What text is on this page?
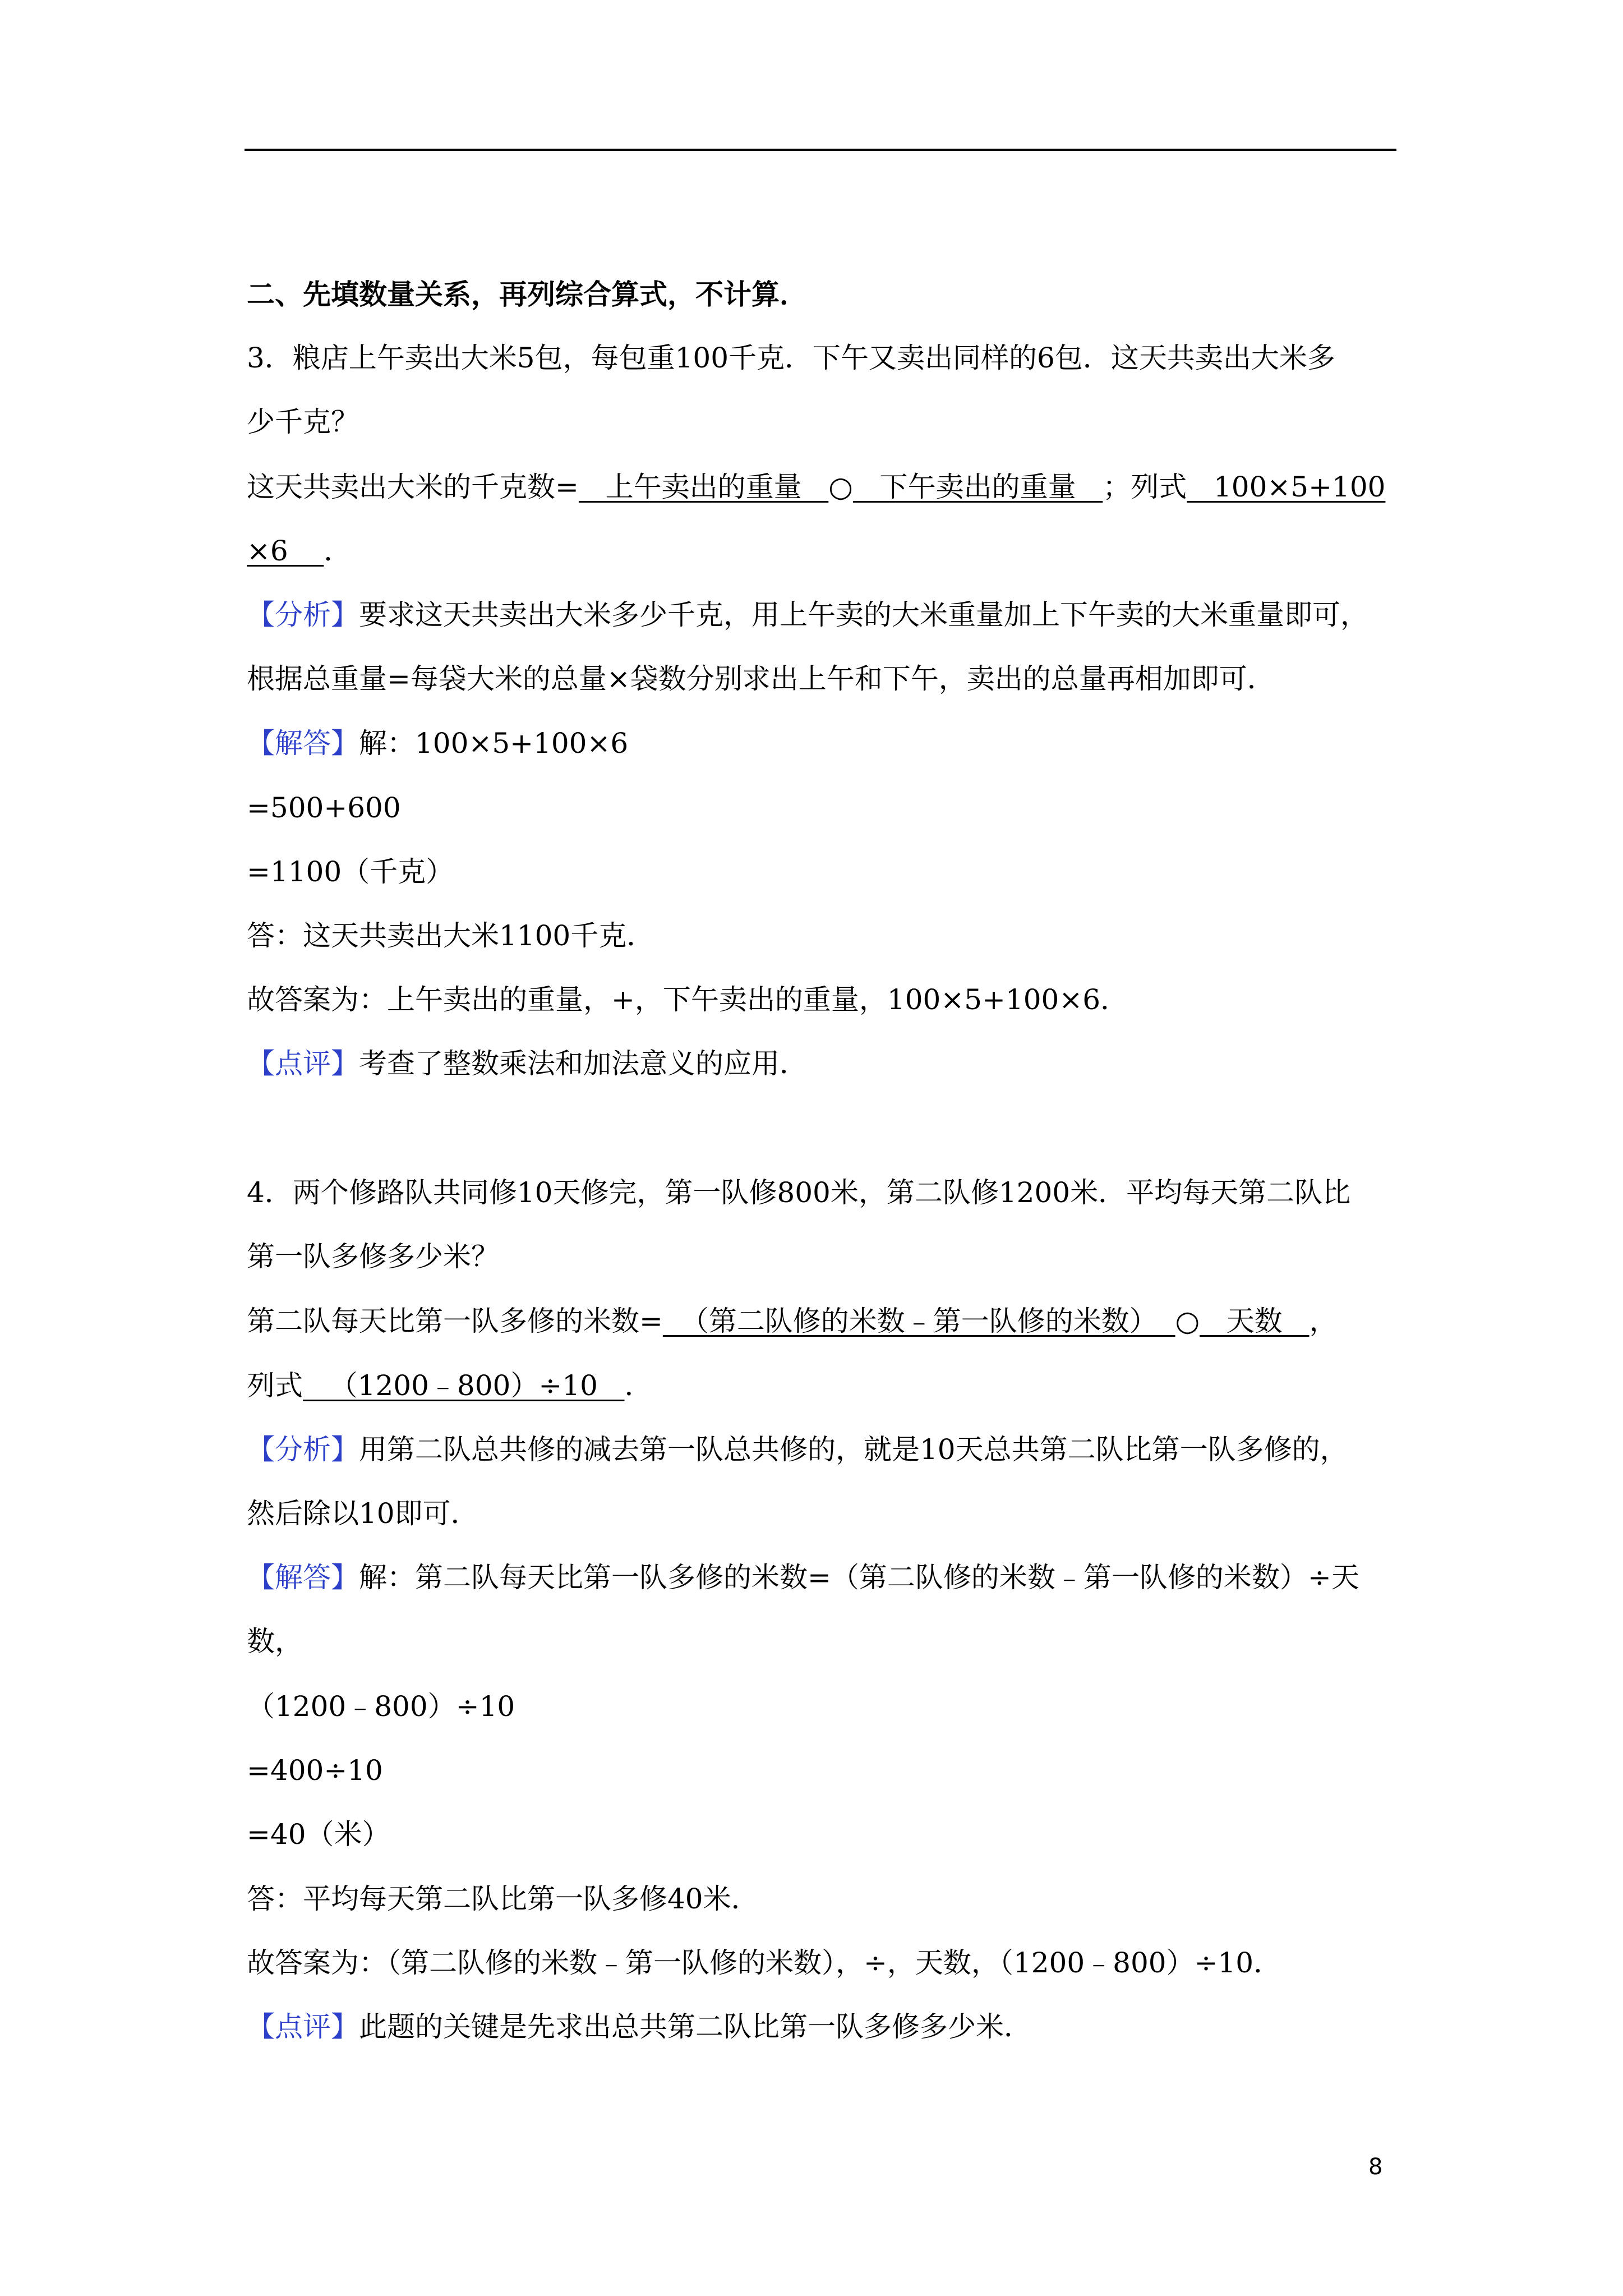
二、先填数量关系，再列综合算式，不计算．
3．粮店上午卖出大米5包，每包重100千克．下午又卖出同样的6包．这天共卖出大米多
少千克？
这天共卖出大米的千克数=   上午卖出的重量   ○   下午卖出的重量   ；列式   100×5+100
×6    ．
【分析】要求这天共卖出大米多少千克，用上午卖的大米重量加上下午卖的大米重量即可，
根据总重量=每袋大米的总量×袋数分别求出上午和下午，卖出的总量再相加即可．
【解答】解：100×5+100×6
=500+600
=1100（千克）
答：这天共卖出大米1100千克．
故答案为：上午卖出的重量，+，下午卖出的重量，100×5+100×6．
【点评】考查了整数乘法和加法意义的应用．
4．两个修路队共同修10天修完，第一队修800米，第二队修1200米．平均每天第二队比
第一队多修多少米？
第二队每天比第一队多修的米数=  （第二队修的米数﹣第一队修的米数）  ○   天数   ，
列式   （1200﹣800）÷10   ．
【分析】用第二队总共修的减去第一队总共修的，就是10天总共第二队比第一队多修的，
然后除以10即可．
【解答】解：第二队每天比第一队多修的米数=（第二队修的米数﹣第一队修的米数）÷天
数，
（1200﹣800）÷10
=400÷10
=40（米）
答：平均每天第二队比第一队多修40米．
故答案为：（第二队修的米数﹣第一队修的米数），÷，天数，（1200﹣800）÷10．
【点评】此题的关键是先求出总共第二队比第一队多修多少米．
8
